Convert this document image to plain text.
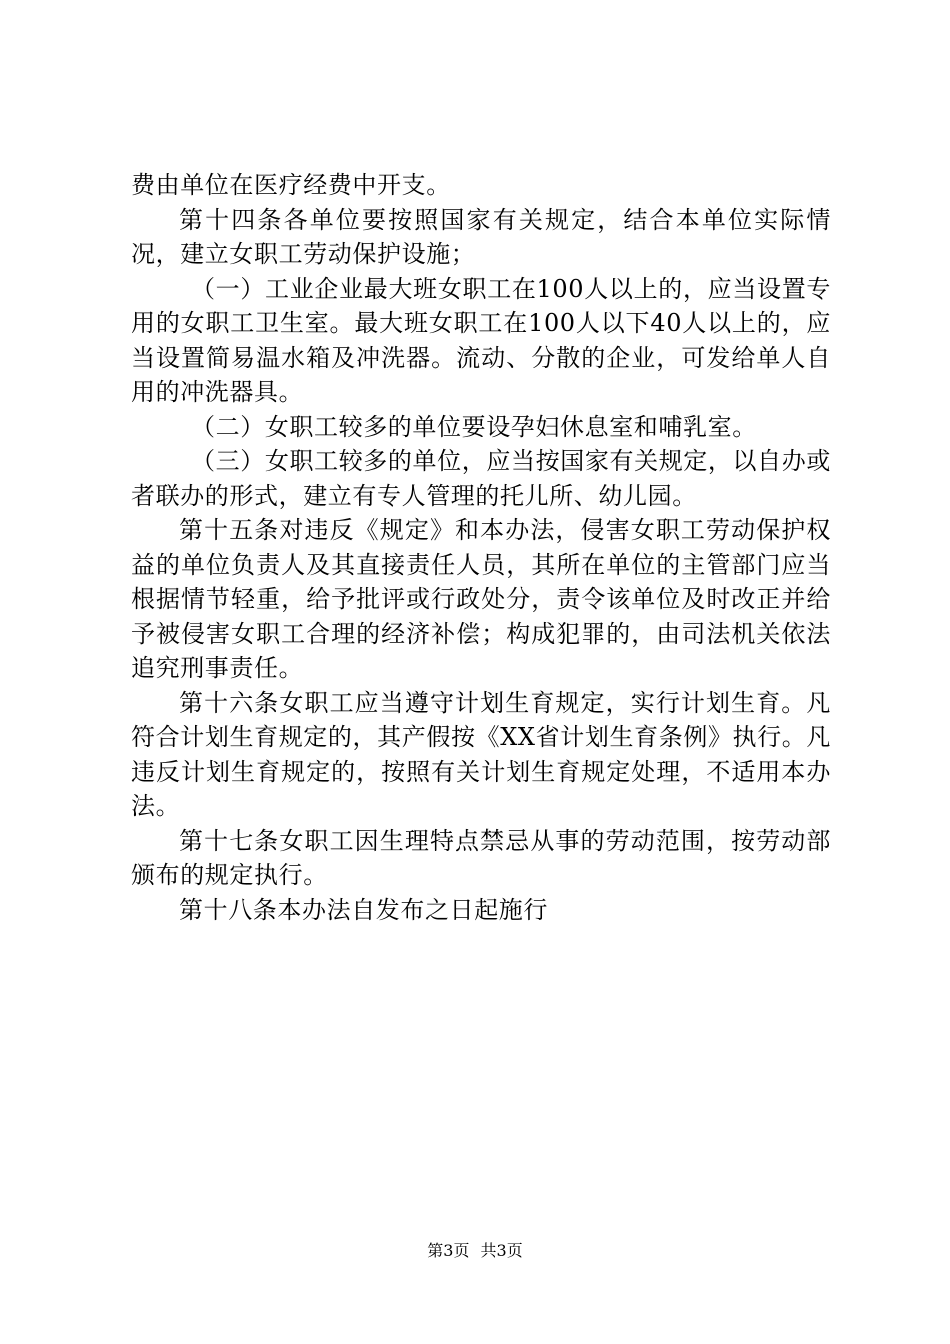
费由单位在医疗经费中开支。

第十四条各单位要按照国家有关规定，结合本单位实际情况，建立女职工劳动保护设施；

（一）工业企业最大班女职工在100人以上的，应当设置专用的女职工卫生室。最大班女职工在100人以下40人以上的，应当设置简易温水箱及冲洗器。流动、分散的企业，可发给单人自用的冲洗器具。

（二）女职工较多的单位要设孕妇休息室和哺乳室。

（三）女职工较多的单位，应当按国家有关规定，以自办或者联办的形式，建立有专人管理的托儿所、幼儿园。

第十五条对违反《规定》和本办法，侵害女职工劳动保护权益的单位负责人及其直接责任人员，其所在单位的主管部门应当根据情节轻重，给予批评或行政处分，责令该单位及时改正并给予被侵害女职工合理的经济补偿；构成犯罪的，由司法机关依法追究刑事责任。

第十六条女职工应当遵守计划生育规定，实行计划生育。凡符合计划生育规定的，其产假按《XX省计划生育条例》执行。凡违反计划生育规定的，按照有关计划生育规定处理，不适用本办法。

第十七条女职工因生理特点禁忌从事的劳动范围，按劳动部颁布的规定执行。

第十八条本办法自发布之日起施行

第3页 共3页
